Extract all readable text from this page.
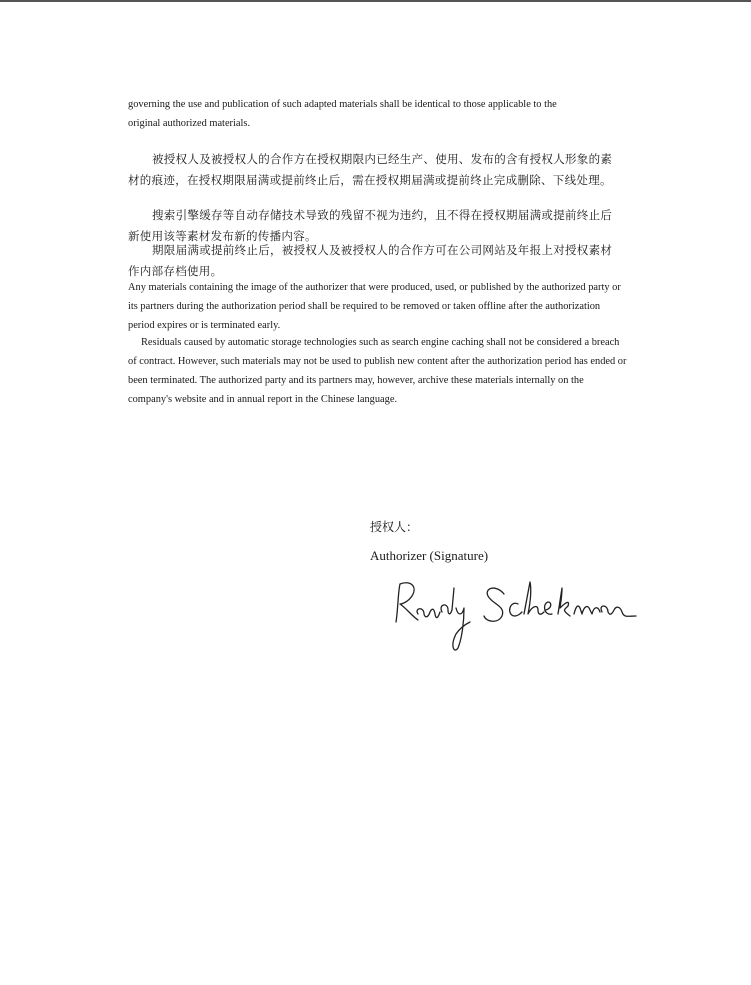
governing the use and publication of such adapted materials shall be identical to those applicable to the

original authorized materials.

被授权人及被授权人的合作方在授权期限内已经生产、使用、发布的含有授权人形象的素材的痕迹，在授权期限届满或提前终止后，需在授权期届满或提前终止完成删除、下线处理。

搜索引擎缓存等自动存储技术导致的残留不视为违约，且不得在授权期届满或提前终止后新使用该等素材发布新的传播内容。

期限届满或提前终止后，被授权人及被授权人的合作方可在公司网站及年报上对授权素材作内部存档使用。

Any materials containing the image of the authorizer that were produced, used, or published by the authorized party or its partners during the authorization period shall be required to be removed or taken offline after the authorization period expires or is terminated early.

Residuals caused by automatic storage technologies such as search engine caching shall not be considered a breach of contract. However, such materials may not be used to publish new content after the authorization period has ended or been terminated. The authorized party and its partners may, however, archive these materials internally on the company's website and in annual report in the Chinese language.

授权人：

Authorizer (Signature)
